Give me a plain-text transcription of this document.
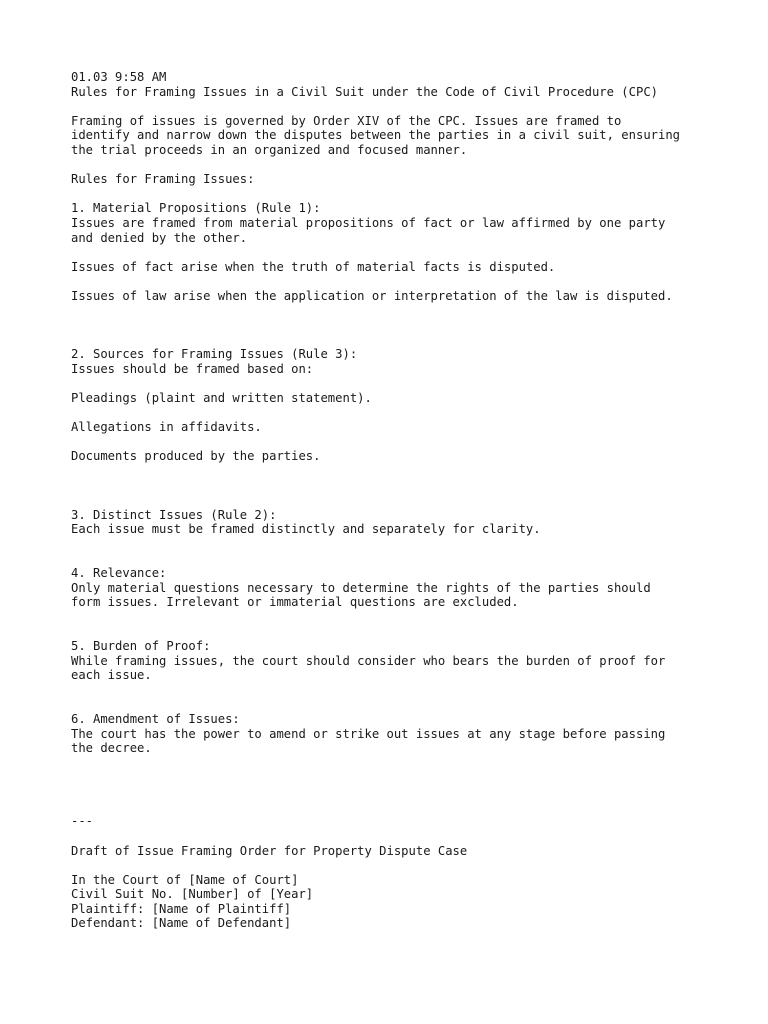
01.03 9:58 AM
Rules for Framing Issues in a Civil Suit under the Code of Civil Procedure (CPC)
Framing of issues is governed by Order XIV of the CPC. Issues are framed to
identify and narrow down the disputes between the parties in a civil suit, ensuring
the trial proceeds in an organized and focused manner.
Rules for Framing Issues:
1. Material Propositions (Rule 1):
Issues are framed from material propositions of fact or law affirmed by one party
and denied by the other.
Issues of fact arise when the truth of material facts is disputed.
Issues of law arise when the application or interpretation of the law is disputed.
2. Sources for Framing Issues (Rule 3):
Issues should be framed based on:
Pleadings (plaint and written statement).
Allegations in affidavits.
Documents produced by the parties.
3. Distinct Issues (Rule 2):
Each issue must be framed distinctly and separately for clarity.
4. Relevance:
Only material questions necessary to determine the rights of the parties should
form issues. Irrelevant or immaterial questions are excluded.
5. Burden of Proof:
While framing issues, the court should consider who bears the burden of proof for
each issue.
6. Amendment of Issues:
The court has the power to amend or strike out issues at any stage before passing
the decree.
---
Draft of Issue Framing Order for Property Dispute Case
In the Court of [Name of Court]
Civil Suit No. [Number] of [Year]
Plaintiff: [Name of Plaintiff]
Defendant: [Name of Defendant]
